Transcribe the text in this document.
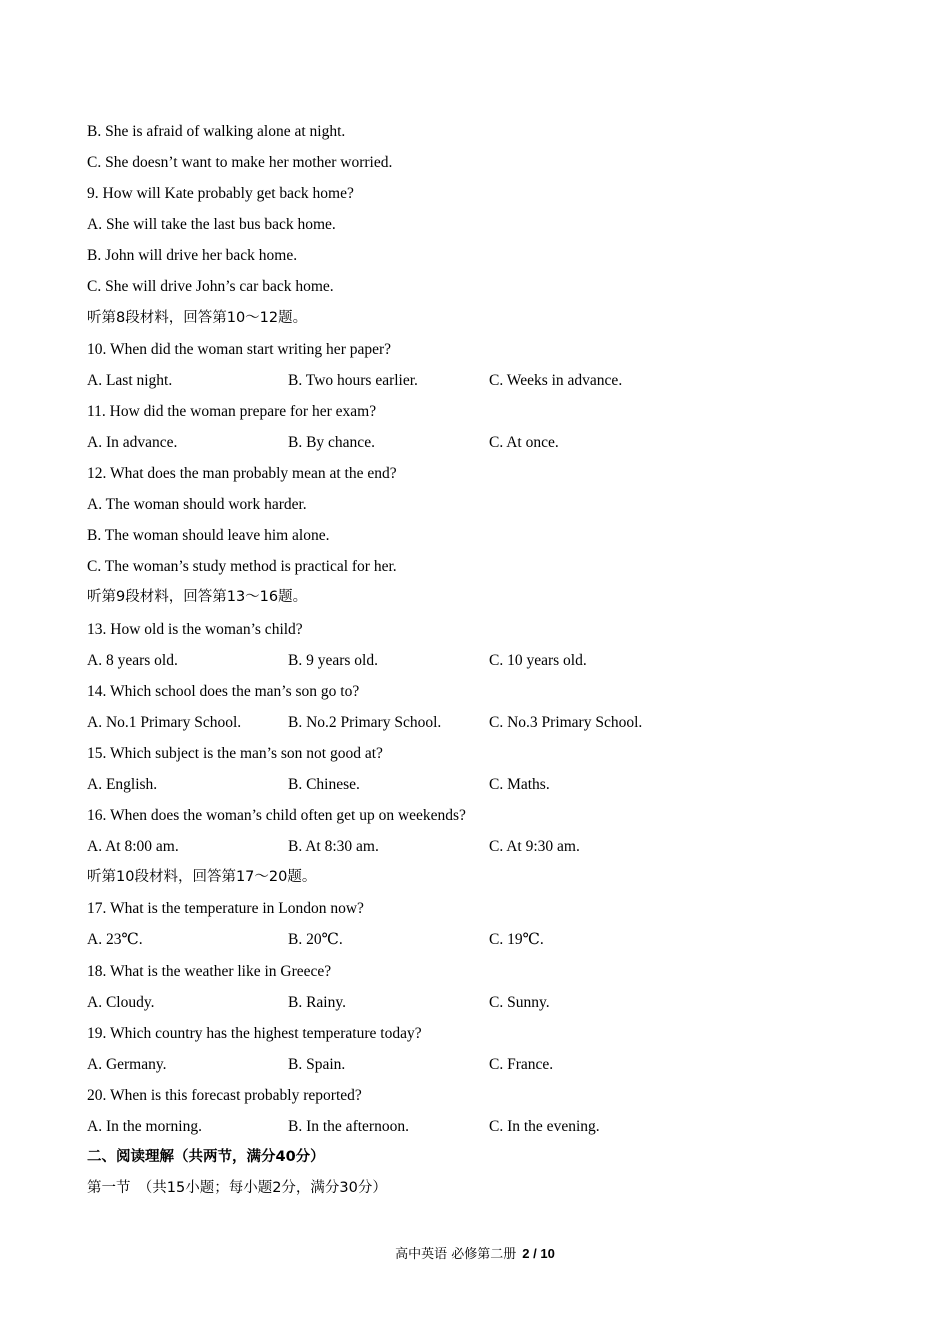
B. She is afraid of walking alone at night.
C. She doesn’t want to make her mother worried.
9. How will Kate probably get back home?
A. She will take the last bus back home.
B. John will drive her back home.
C. She will drive John’s car back home.
听第8段材料，回答第10～12题。
10. When did the woman start writing her paper?
A. Last night.	B. Two hours earlier.	C. Weeks in advance.
11. How did the woman prepare for her exam?
A. In advance.	B. By chance.	C. At once.
12. What does the man probably mean at the end?
A. The woman should work harder.
B. The woman should leave him alone.
C. The woman’s study method is practical for her.
听第9段材料，回答第13～16题。
13. How old is the woman’s child?
A. 8 years old.	B. 9 years old.	C. 10 years old.
14. Which school does the man’s son go to?
A. No.1 Primary School.	B. No.2 Primary School.	C. No.3 Primary School.
15. Which subject is the man’s son not good at?
A. English.	B. Chinese.	C. Maths.
16. When does the woman’s child often get up on weekends?
A. At 8:00 am.	B. At 8:30 am.	C. At 9:30 am.
听第10段材料，回答第17～20题。
17. What is the temperature in London now?
A. 23℃.	B. 20℃.	C. 19℃.
18. What is the weather like in Greece?
A. Cloudy.	B. Rainy.	C. Sunny.
19. Which country has the highest temperature today?
A. Germany.	B. Spain.	C. France.
20. When is this forecast probably reported?
A. In the morning.	B. In the afternoon.	C. In the evening.
二、阅读理解（共两节，满分40分）
第一节　（共15小题；每小题2分，满分30分）
高中英语 必修第二册 2 / 10
